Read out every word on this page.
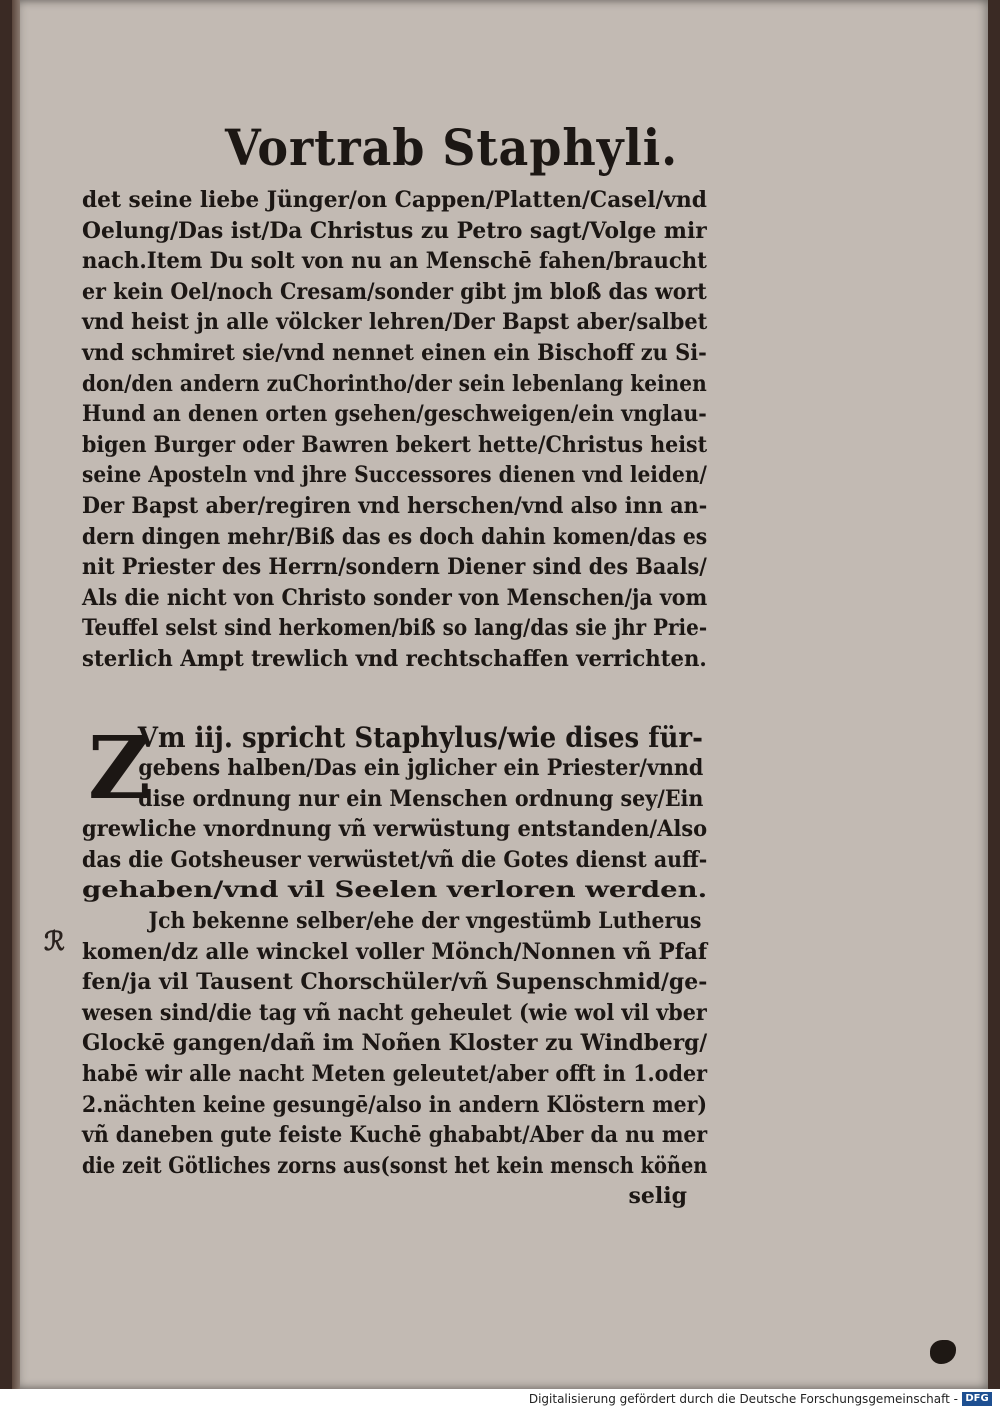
Vortrab Staphyli.
det seine liebe Jünger/on Cappen/Platten/Casel/vnd
Oelung/Das ist/Da Christus zu Petro sagt/Volge mir
nach.Item Du solt von nu an Menschē fahen/braucht
er kein Oel/noch Cresam/sonder gibt jm bloß das wort
vnd heist jn alle völcker lehren/Der Bapst aber/salbet
vnd schmiret sie/vnd nennet einen ein Bischoff zu Si-
don/den andern zuChorintho/der sein lebenlang keinen
Hund an denen orten gsehen/geschweigen/ein vnglau-
bigen Burger oder Bawren bekert hette/Christus heist
seine Aposteln vnd jhre Successores dienen vnd leiden/
Der Bapst aber/regiren vnd herschen/vnd also inn an-
dern dingen mehr/Biß das es doch dahin komen/das es
nit Priester des Herrn/sondern Diener sind des Baals/
Als die nicht von Christo sonder von Menschen/ja vom
Teuffel selst sind herkomen/biß so lang/das sie jhr Prie-
sterlich Ampt trewlich vnd rechtschaffen verrichten.
Z
Vm iij. spricht Staphylus/wie dises für-
gebens halben/Das ein jglicher ein Priester/vnnd
dise ordnung nur ein Menschen ordnung sey/Ein
grewliche vnordnung vñ verwüstung entstanden/Also
das die Gotsheuser verwüstet/vñ die Gotes dienst auff-
gehaben/vnd vil Seelen verloren werden.
Jch bekenne selber/ehe der vngestümb Lutherus
komen/dz alle winckel voller Mönch/Nonnen vñ Pfaf
fen/ja vil Tausent Chorschüler/vñ Supenschmid/ge-
wesen sind/die tag vñ nacht geheulet (wie wol vil vber
Glockē gangen/dañ im Noñen Kloster zu Windberg/
habē wir alle nacht Meten geleutet/aber offt in 1.oder
2.nächten keine gesungē/also in andern Klöstern mer)
vñ daneben gute feiste Kuchē ghababt/Aber da nu mer
die zeit Götliches zorns aus(sonst het kein mensch köñen
selig
ℛ
Digitalisierung gefördert durch die Deutsche Forschungsgemeinschaft - DFG
